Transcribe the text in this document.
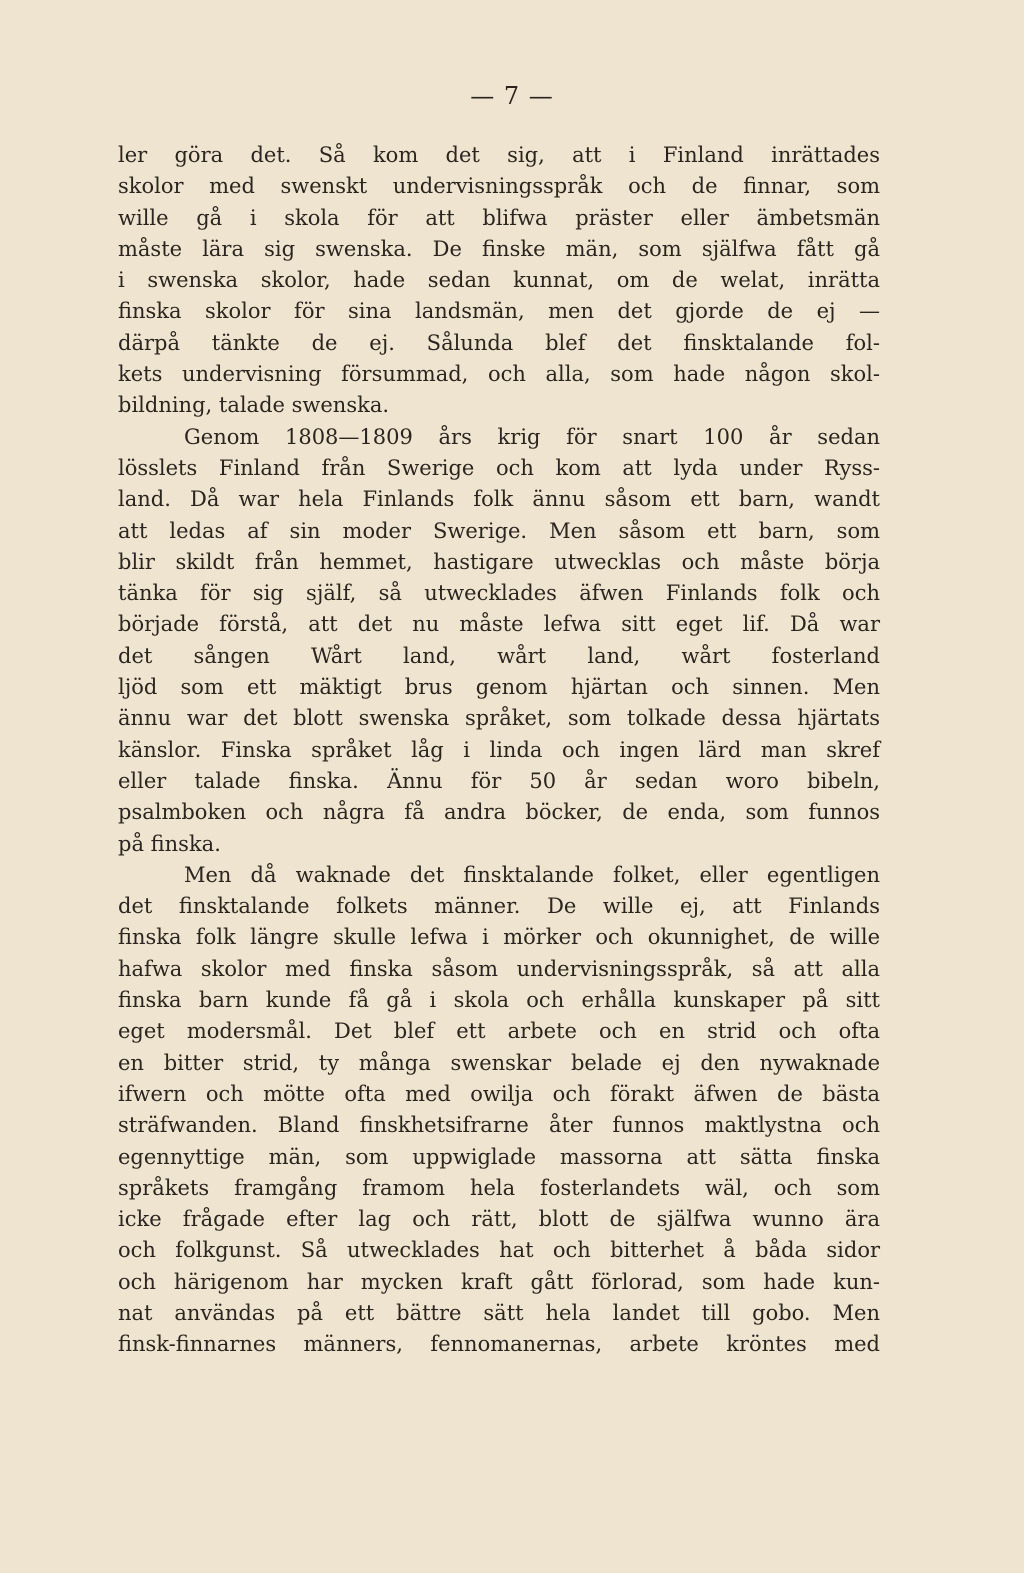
— 7 —
ler göra det. Så kom det sig, att i Finland inrättades
skolor med swenskt undervisningsspråk och de finnar, som
wille gå i skola för att blifwa präster eller ämbetsmän
måste lära sig swenska. De finske män, som själfwa fått gå
i swenska skolor, hade sedan kunnat, om de welat, inrätta
finska skolor för sina landsmän, men det gjorde de ej —
därpå tänkte de ej. Sålunda blef det finsktalande fol-
kets undervisning försummad, och alla, som hade någon skol-
bildning, talade swenska.
Genom 1808—1809 års krig för snart 100 år sedan
lösslets Finland från Swerige och kom att lyda under Ryss-
land. Då war hela Finlands folk ännu såsom ett barn, wandt
att ledas af sin moder Swerige. Men såsom ett barn, som
blir skildt från hemmet, hastigare utwecklas och måste börja
tänka för sig själf, så utwecklades äfwen Finlands folk och
började förstå, att det nu måste lefwa sitt eget lif. Då war
det sången Wårt land, wårt land, wårt fosterland
ljöd som ett mäktigt brus genom hjärtan och sinnen. Men
ännu war det blott swenska språket, som tolkade dessa hjärtats
känslor. Finska språket låg i linda och ingen lärd man skref
eller talade finska. Ännu för 50 år sedan woro bibeln,
psalmboken och några få andra böcker, de enda, som funnos
på finska.
Men då waknade det finsktalande folket, eller egentligen
det finsktalande folkets männer. De wille ej, att Finlands
finska folk längre skulle lefwa i mörker och okunnighet, de wille
hafwa skolor med finska såsom undervisningsspråk, så att alla
finska barn kunde få gå i skola och erhålla kunskaper på sitt
eget modersmål. Det blef ett arbete och en strid och ofta
en bitter strid, ty många swenskar belade ej den nywaknade
ifwern och mötte ofta med owilja och förakt äfwen de bästa
sträfwanden. Bland finskhetsifrarne åter funnos maktlystna och
egennyttige män, som uppwiglade massorna att sätta finska
språkets framgång framom hela fosterlandets wäl, och som
icke frågade efter lag och rätt, blott de själfwa wunno ära
och folkgunst. Så utwecklades hat och bitterhet å båda sidor
och härigenom har mycken kraft gått förlorad, som hade kun-
nat användas på ett bättre sätt hela landet till gobo. Men
finsk-finnarnes männers, fennomanernas, arbete kröntes med
